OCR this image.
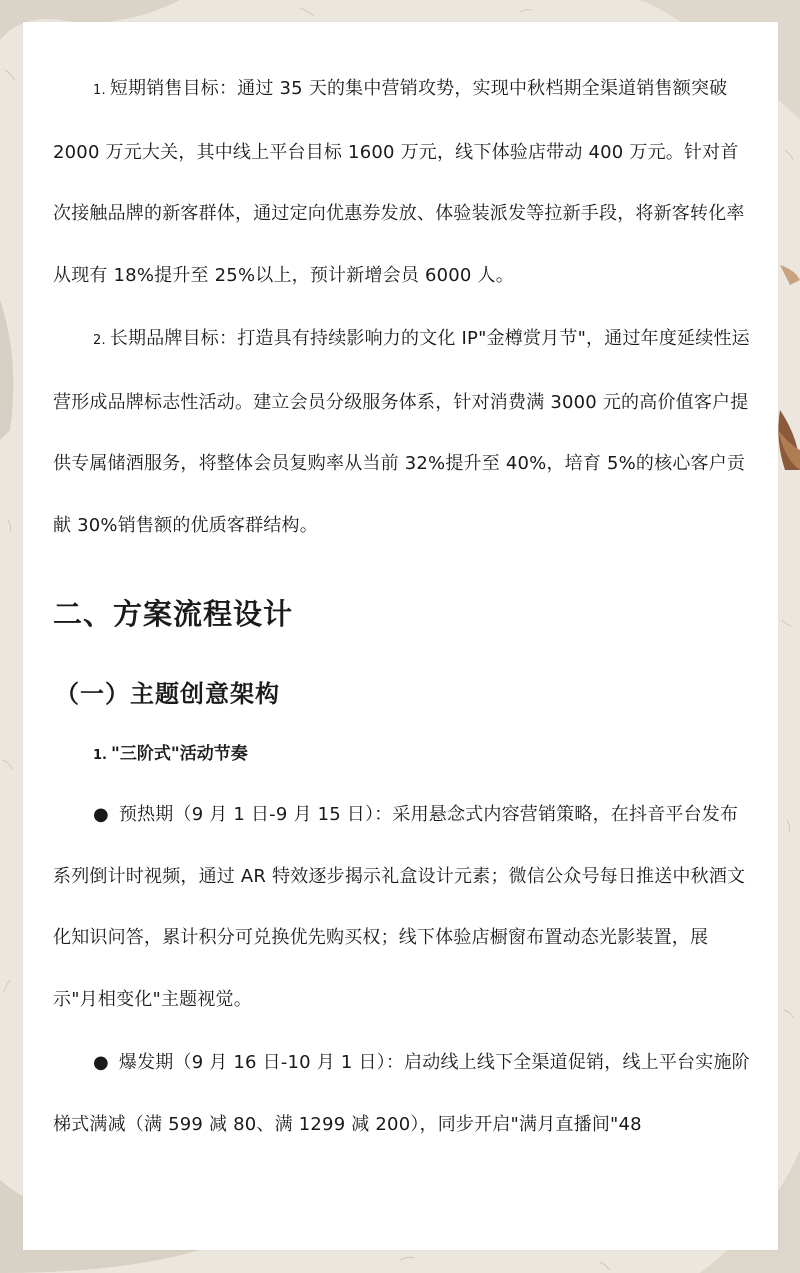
1. 短期销售目标：通过 35 天的集中营销攻势，实现中秋档期全渠道销售额突破 2000 万元大关，其中线上平台目标 1600 万元，线下体验店带动 400 万元。针对首次接触品牌的新客群体，通过定向优惠券发放、体验装派发等拉新手段，将新客转化率从现有 18%提升至 25%以上，预计新增会员 6000 人。

2. 长期品牌目标：打造具有持续影响力的文化 IP"金樽赏月节"，通过年度延续性运营形成品牌标志性活动。建立会员分级服务体系，针对消费满 3000 元的高价值客户提供专属储酒服务，将整体会员复购率从当前 32%提升至 40%，培育 5%的核心客户贡献 30%销售额的优质客群结构。

二、方案流程设计
（一）主题创意架构
1. "三阶式"活动节奏

● 预热期（9 月 1 日-9 月 15 日）：采用悬念式内容营销策略，在抖音平台发布系列倒计时视频，通过 AR 特效逐步揭示礼盒设计元素；微信公众号每日推送中秋酒文化知识问答，累计积分可兑换优先购买权；线下体验店橱窗布置动态光影装置，展示"月相变化"主题视觉。

● 爆发期（9 月 16 日-10 月 1 日）：启动线上线下全渠道促销，线上平台实施阶梯式满减（满 599 减 80、满 1299 减 200），同步开启"满月直播间"48
